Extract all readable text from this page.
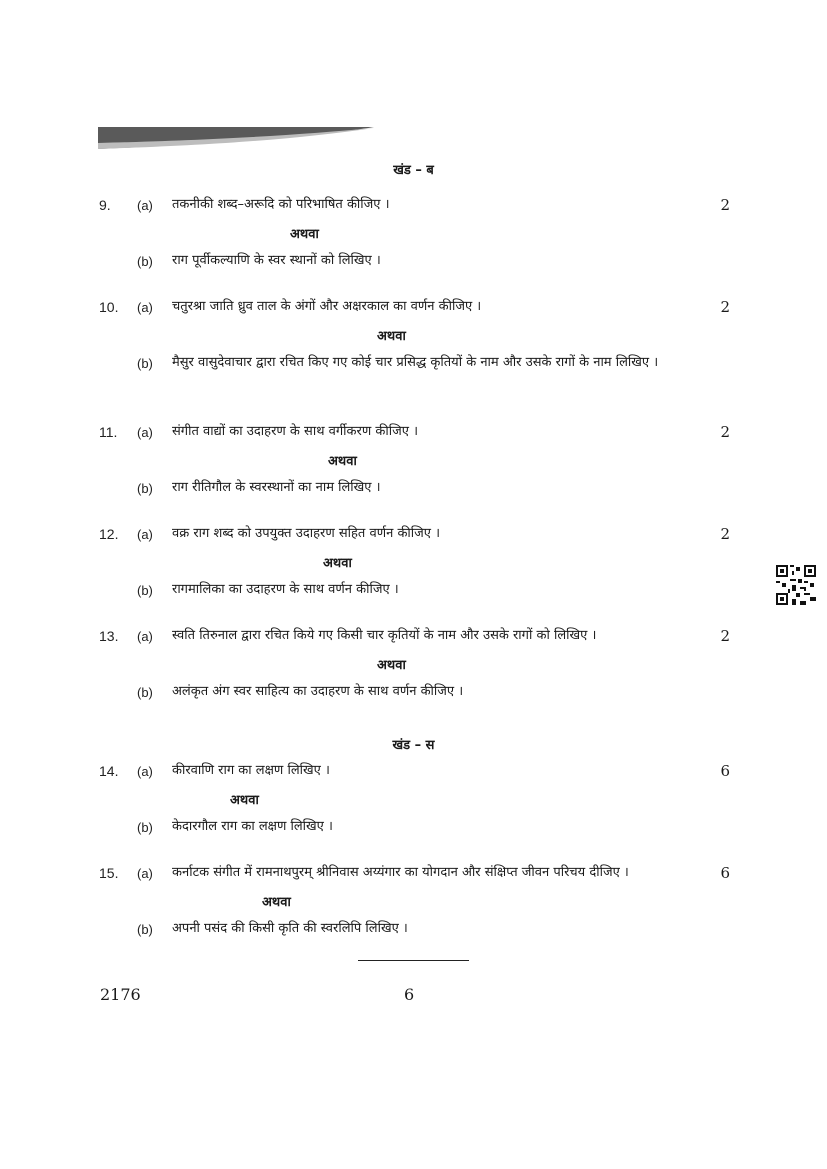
खंड – ब
9. (a) तकनीकी शब्द–अरूदि को परिभाषित कीजिए ।	2
अथवा
(b) राग पूर्वीकल्याणि के स्वर स्थानों को लिखिए ।
10. (a) चतुरश्रा जाति ध्रुव ताल के अंगों और अक्षरकाल का वर्णन कीजिए ।	2
अथवा
(b) मैसुर वासुदेवाचार द्वारा रचित किए गए कोई चार प्रसिद्ध कृतियों के नाम और उसके रागों के नाम लिखिए ।
11. (a) संगीत वाद्यों का उदाहरण के साथ वर्गीकरण कीजिए ।	2
अथवा
(b) राग रीतिगौल के स्वरस्थानों का नाम लिखिए ।
12. (a) वक्र राग शब्द को उपयुक्त उदाहरण सहित वर्णन कीजिए ।	2
अथवा
(b) रागमालिका का उदाहरण के साथ वर्णन कीजिए ।
13. (a) स्वति तिरुनाल द्वारा रचित किये गए किसी चार कृतियों के नाम और उसके रागों को लिखिए ।	2
अथवा
(b) अलंकृत अंग स्वर साहित्य का उदाहरण के साथ वर्णन कीजिए ।
खंड – स
14. (a) कीरवाणि राग का लक्षण लिखिए ।	6
अथवा
(b) केदारगौल राग का लक्षण लिखिए ।
15. (a) कर्नाटक संगीत में रामनाथपुरम् श्रीनिवास अय्यंगार का योगदान और संक्षिप्त जीवन परिचय दीजिए ।	6
अथवा
(b) अपनी पसंद की किसी कृति की स्वरलिपि लिखिए ।
2176	6
